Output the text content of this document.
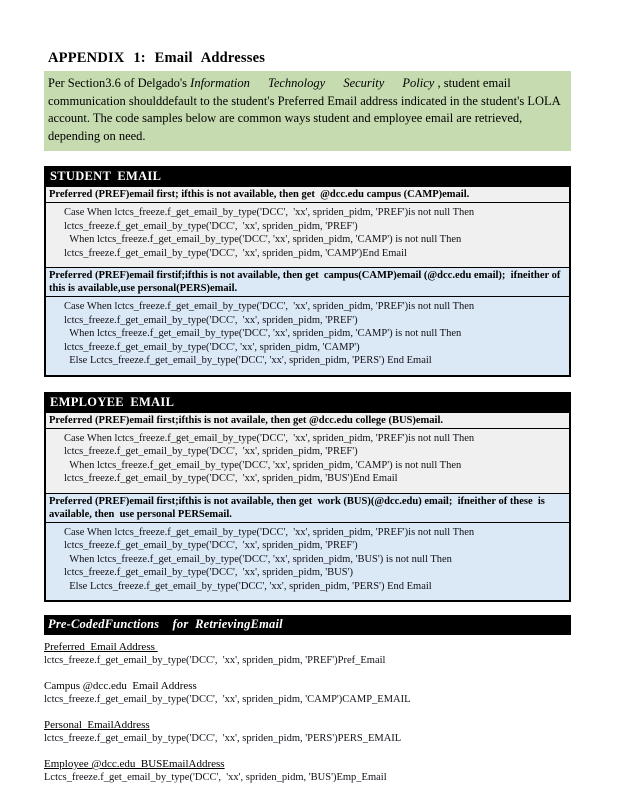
APPENDIX 1: Email Addresses
Per Section3.6 of Delgado's Information Technology Security Policy , student email communication shoulddefault to the student's Preferred Email address indicated in the student's LOLA account. The code samples below are common ways student and employee email are retrieved, depending on need.
STUDENT EMAIL
Preferred (PREF)email first; ifthis is not available, then get  @dcc.edu campus (CAMP)email.
Case When lctcs_freeze.f_get_email_by_type('DCC',  'xx', spriden_pidm, 'PREF')is not null Then
lctcs_freeze.f_get_email_by_type('DCC',  'xx', spriden_pidm, 'PREF')
When lctcs_freeze.f_get_email_by_type('DCC', 'xx', spriden_pidm, 'CAMP') is not null Then
lctcs_freeze.f_get_email_by_type('DCC',  'xx', spriden_pidm, 'CAMP')End Email
Preferred (PREF)email firstif;ifthis is not available, then get  campus(CAMP)email (@dcc.edu email);  ifneither of this is available,use personal(PERS)email.
Case When lctcs_freeze.f_get_email_by_type('DCC',  'xx', spriden_pidm, 'PREF')is not null Then
lctcs_freeze.f_get_email_by_type('DCC',  'xx', spriden_pidm, 'PREF')
When lctcs_freeze.f_get_email_by_type('DCC', 'xx', spriden_pidm, 'CAMP') is not null Then
lctcs_freeze.f_get_email_by_type('DCC', 'xx', spriden_pidm, 'CAMP')
Else Lctcs_freeze.f_get_email_by_type('DCC', 'xx', spriden_pidm, 'PERS') End Email
EMPLOYEE EMAIL
Preferred (PREF)email first;ifthis is not availale, then get @dcc.edu college (BUS)email.
Case When lctcs_freeze.f_get_email_by_type('DCC',  'xx', spriden_pidm, 'PREF')is not null Then
lctcs_freeze.f_get_email_by_type('DCC',  'xx', spriden_pidm, 'PREF')
When lctcs_freeze.f_get_email_by_type('DCC', 'xx', spriden_pidm, 'CAMP') is not null Then
lctcs_freeze.f_get_email_by_type('DCC',  'xx', spriden_pidm, 'BUS')End Email
Preferred (PREF)email first;ifthis is not available, then get  work (BUS)(@dcc.edu) email;  ifneither of these  is available, then  use personal PERSemail.
Case When lctcs_freeze.f_get_email_by_type('DCC',  'xx', spriden_pidm, 'PREF')is not null Then
lctcs_freeze.f_get_email_by_type('DCC',  'xx', spriden_pidm, 'PREF')
When lctcs_freeze.f_get_email_by_type('DCC', 'xx', spriden_pidm, 'BUS') is not null Then
lctcs_freeze.f_get_email_by_type('DCC',  'xx', spriden_pidm, 'BUS')
Else Lctcs_freeze.f_get_email_by_type('DCC', 'xx', spriden_pidm, 'PERS') End Email
Pre-CodedFunctions    for  RetrievingEmail
Preferred  Email Address
lctcs_freeze.f_get_email_by_type('DCC',  'xx', spriden_pidm, 'PREF')Pref_Email
Campus @dcc.edu  Email Address
lctcs_freeze.f_get_email_by_type('DCC',  'xx', spriden_pidm, 'CAMP')CAMP_EMAIL
Personal  EmailAddress
lctcs_freeze.f_get_email_by_type('DCC',  'xx', spriden_pidm, 'PERS')PERS_EMAIL
Employee @dcc.edu  BUSEmailAddress
Lctcs_freeze.f_get_email_by_type('DCC',  'xx', spriden_pidm, 'BUS')Emp_Email
